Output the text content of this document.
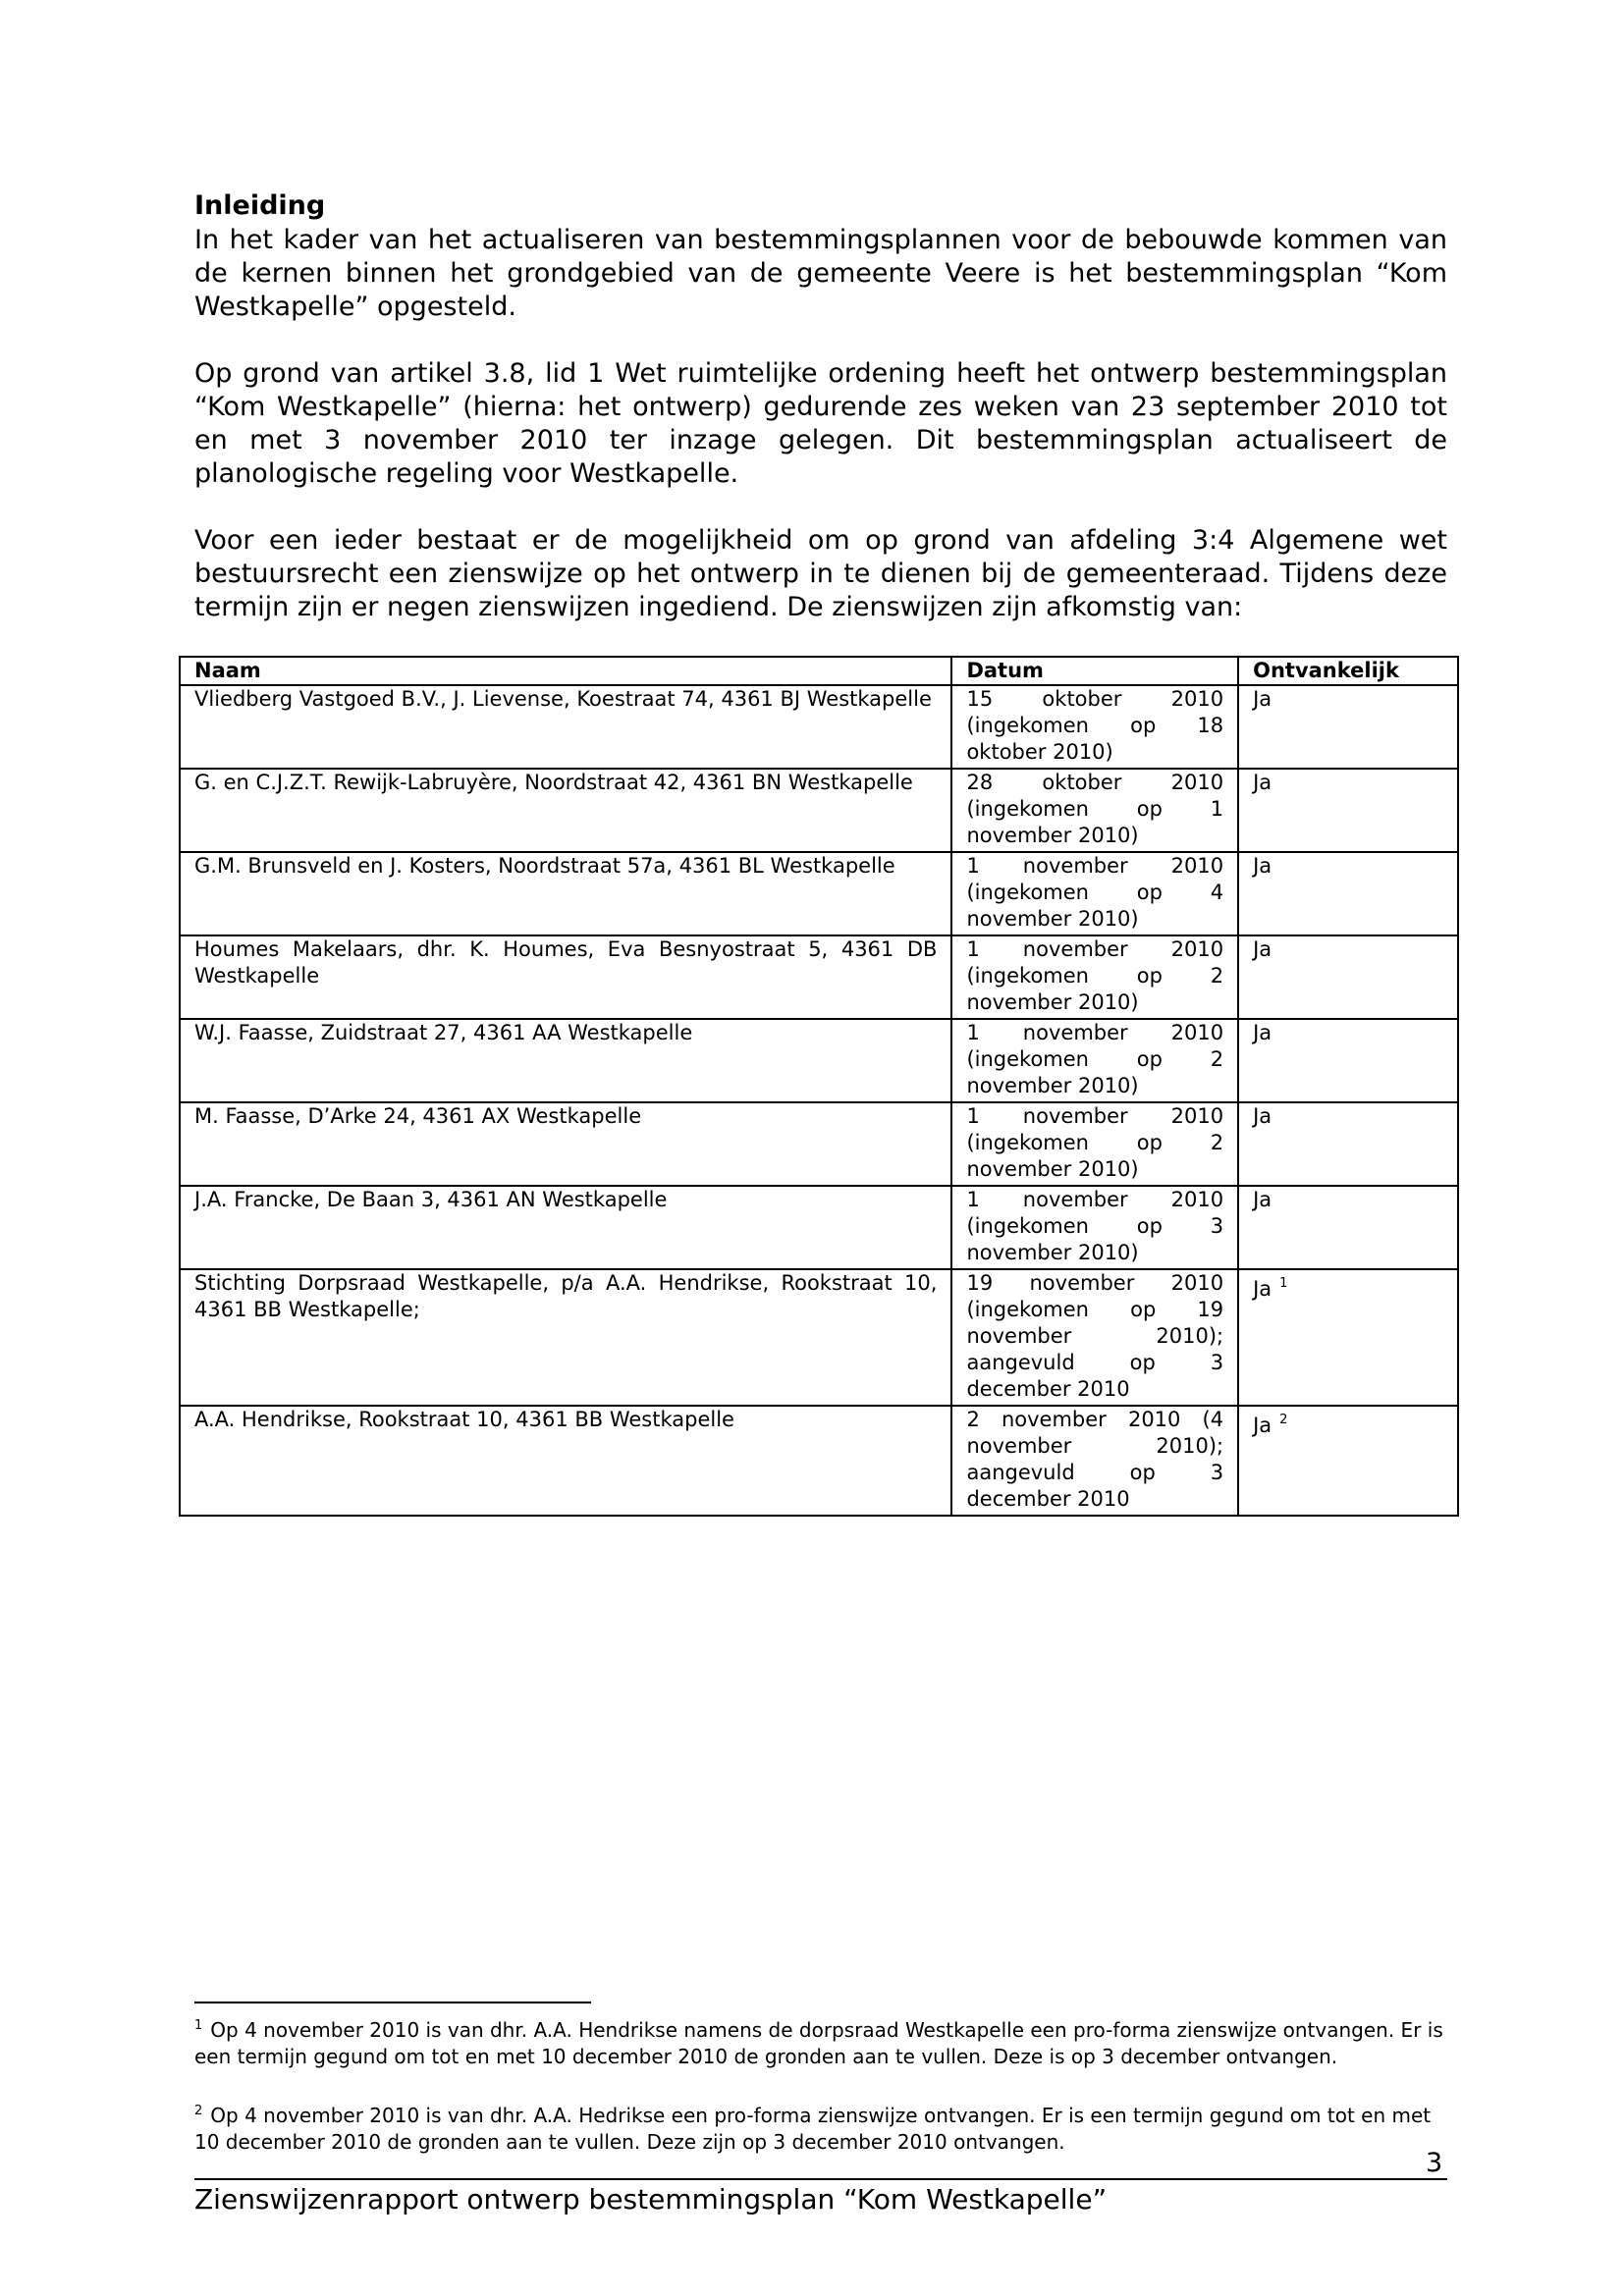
Inleiding
In het kader van het actualiseren van bestemmingsplannen voor de bebouwde kommen van de kernen binnen het grondgebied van de gemeente Veere is het bestemmingsplan “Kom Westkapelle” opgesteld.
Op grond van artikel 3.8, lid 1 Wet ruimtelijke ordening heeft het ontwerp bestemmingsplan “Kom Westkapelle” (hierna: het ontwerp) gedurende zes weken van 23 september 2010 tot en met 3 november 2010 ter inzage gelegen. Dit bestemmingsplan actualiseert de planologische regeling voor Westkapelle.
Voor een ieder bestaat er de mogelijkheid om op grond van afdeling 3:4 Algemene wet bestuursrecht een zienswijze op het ontwerp in te dienen bij de gemeenteraad. Tijdens deze termijn zijn er negen zienswijzen ingediend. De zienswijzen zijn afkomstig van:
Naam	Datum	Ontvankelijk
Vliedberg Vastgoed B.V., J. Lievense, Koestraat 74, 4361 BJ Westkapelle	15 oktober 2010 (ingekomen op 18 oktober 2010)	Ja
G. en C.J.Z.T. Rewijk-Labruyère, Noordstraat 42, 4361 BN Westkapelle	28 oktober 2010 (ingekomen op 1 november 2010)	Ja
G.M. Brunsveld en J. Kosters, Noordstraat 57a, 4361 BL Westkapelle	1 november 2010 (ingekomen op 4 november 2010)	Ja
Houmes Makelaars, dhr. K. Houmes, Eva Besnyostraat 5, 4361 DB Westkapelle	1 november 2010 (ingekomen op 2 november 2010)	Ja
W.J. Faasse, Zuidstraat 27, 4361 AA Westkapelle	1 november 2010 (ingekomen op 2 november 2010)	Ja
M. Faasse, D’Arke 24, 4361 AX Westkapelle	1 november 2010 (ingekomen op 2 november 2010)	Ja
J.A. Francke, De Baan 3, 4361 AN Westkapelle	1 november 2010 (ingekomen op 3 november 2010)	Ja
Stichting Dorpsraad Westkapelle, p/a A.A. Hendrikse, Rookstraat 10, 4361 BB Westkapelle;	19 november 2010 (ingekomen op 19 november 2010); aangevuld op 3 december 2010	Ja $^1$
A.A. Hendrikse, Rookstraat 10, 4361 BB Westkapelle	2 november 2010 (4 november 2010); aangevuld op 3 december 2010	Ja $^2$
$^1$ Op 4 november 2010 is van dhr. A.A. Hendrikse namens de dorpsraad Westkapelle een pro-forma zienswijze ontvangen. Er is een termijn gegund om tot en met 10 december 2010 de gronden aan te vullen. Deze is op 3 december ontvangen.
$^2$ Op 4 november 2010 is van dhr. A.A. Hedrikse een pro-forma zienswijze ontvangen. Er is een termijn gegund om tot en met 10 december 2010 de gronden aan te vullen. Deze zijn op 3 december 2010 ontvangen.
3
Zienswijzenrapport ontwerp bestemmingsplan “Kom Westkapelle”
